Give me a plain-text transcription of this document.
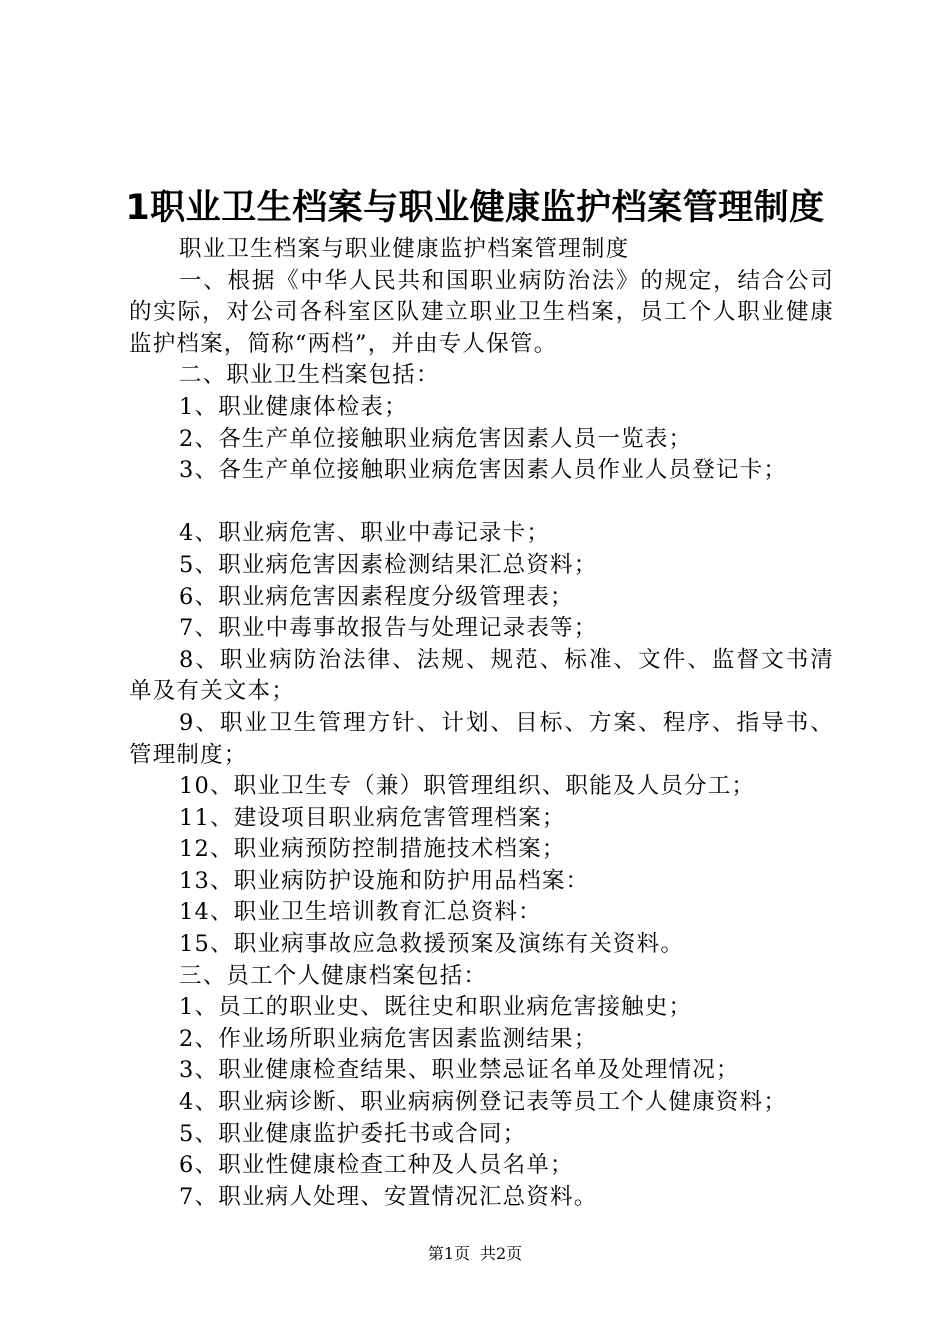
1职业卫生档案与职业健康监护档案管理制度

职业卫生档案与职业健康监护档案管理制度

一、根据《中华人民共和国职业病防治法》的规定，结合公司的实际，对公司各科室区队建立职业卫生档案，员工个人职业健康监护档案，简称“两档”，并由专人保管。

二、职业卫生档案包括：

1、职业健康体检表；

2、各生产单位接触职业病危害因素人员一览表；

3、各生产单位接触职业病危害因素人员作业人员登记卡；

4、职业病危害、职业中毒记录卡；

5、职业病危害因素检测结果汇总资料；

6、职业病危害因素程度分级管理表；

7、职业中毒事故报告与处理记录表等；

8、职业病防治法律、法规、规范、标准、文件、监督文书清单及有关文本；

9、职业卫生管理方针、计划、目标、方案、程序、指导书、管理制度；

10、职业卫生专（兼）职管理组织、职能及人员分工；

11、建设项目职业病危害管理档案；

12、职业病预防控制措施技术档案；

13、职业病防护设施和防护用品档案：

14、职业卫生培训教育汇总资料：

15、职业病事故应急救援预案及演练有关资料。

三、员工个人健康档案包括：

1、员工的职业史、既往史和职业病危害接触史；

2、作业场所职业病危害因素监测结果；

3、职业健康检查结果、职业禁忌证名单及处理情况；

4、职业病诊断、职业病病例登记表等员工个人健康资料；

5、职业健康监护委托书或合同；

6、职业性健康检查工种及人员名单；

7、职业病人处理、安置情况汇总资料。

第1页 共2页
